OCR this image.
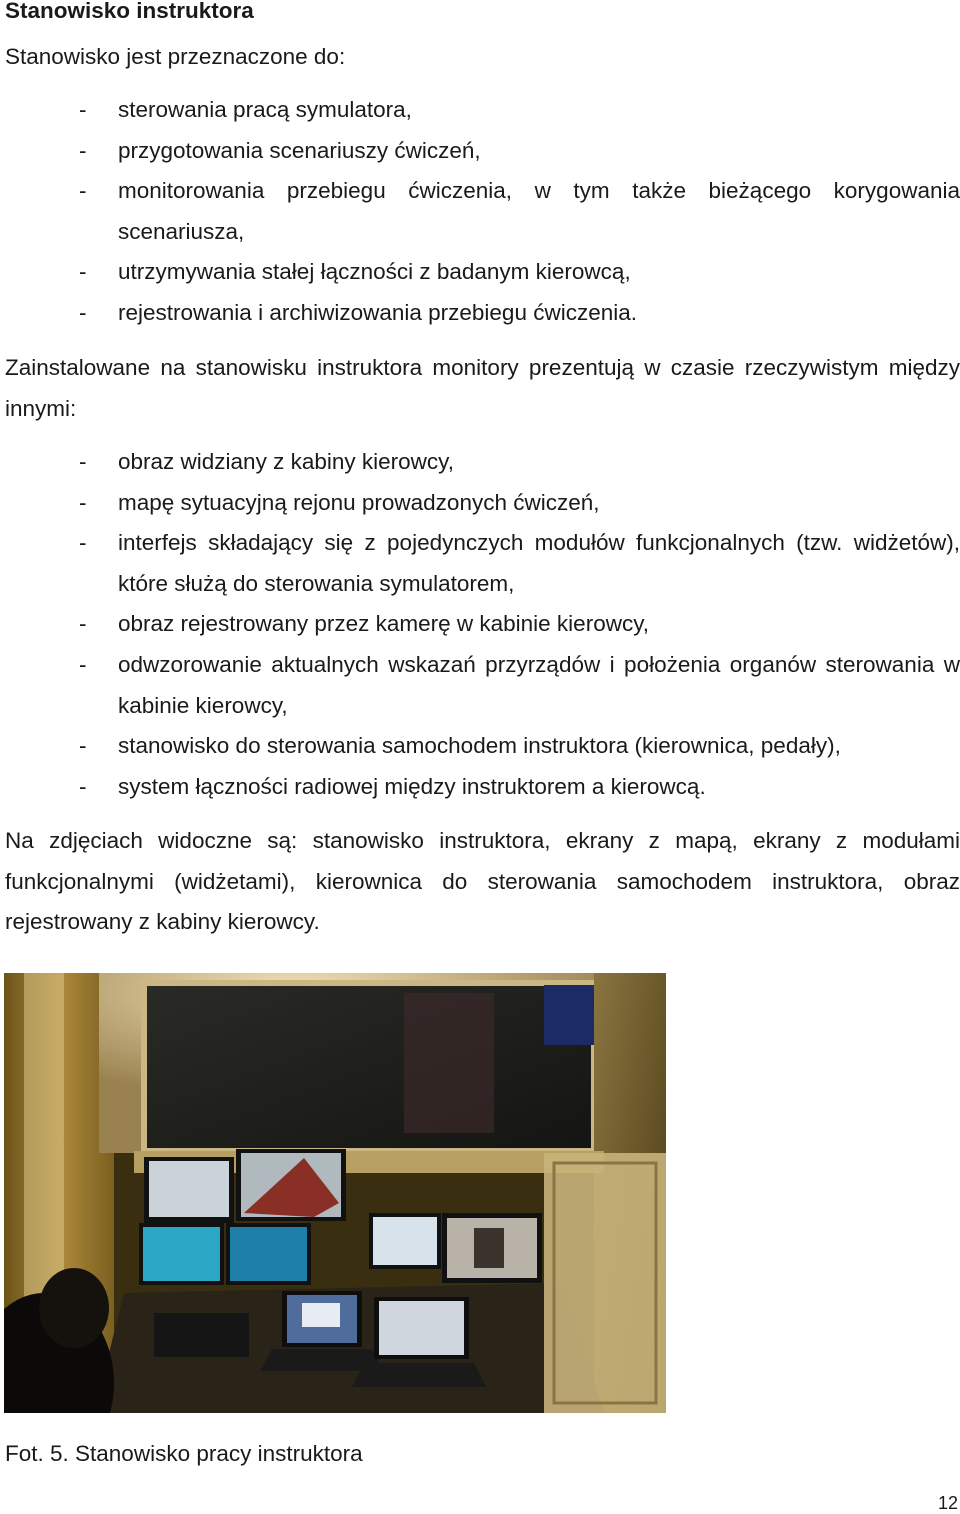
Stanowisko instruktora
Stanowisko jest przeznaczone do:
- sterowania pracą symulatora,
- przygotowania scenariuszy ćwiczeń,
- monitorowania przebiegu ćwiczenia, w tym także bieżącego korygowania scenariusza,
- utrzymywania stałej łączności z badanym kierowcą,
- rejestrowania i archiwizowania przebiegu ćwiczenia.
Zainstalowane na stanowisku instruktora monitory prezentują w czasie rzeczywistym między innymi:
- obraz widziany z kabiny kierowcy,
- mapę sytuacyjną rejonu prowadzonych ćwiczeń,
- interfejs składający się z pojedynczych modułów funkcjonalnych (tzw. widżetów), które służą do sterowania symulatorem,
- obraz rejestrowany przez kamerę w kabinie kierowcy,
- odwzorowanie aktualnych wskazań przyrządów i położenia organów sterowania w kabinie kierowcy,
- stanowisko do sterowania samochodem instruktora (kierownica, pedały),
- system łączności radiowej między instruktorem a kierowcą.
Na zdjęciach widoczne są: stanowisko instruktora, ekrany z mapą, ekrany z modułami funkcjonalnymi (widżetami), kierownica do sterowania samochodem instruktora, obraz rejestrowany z kabiny kierowcy.
Fot. 5. Stanowisko pracy instruktora
12
